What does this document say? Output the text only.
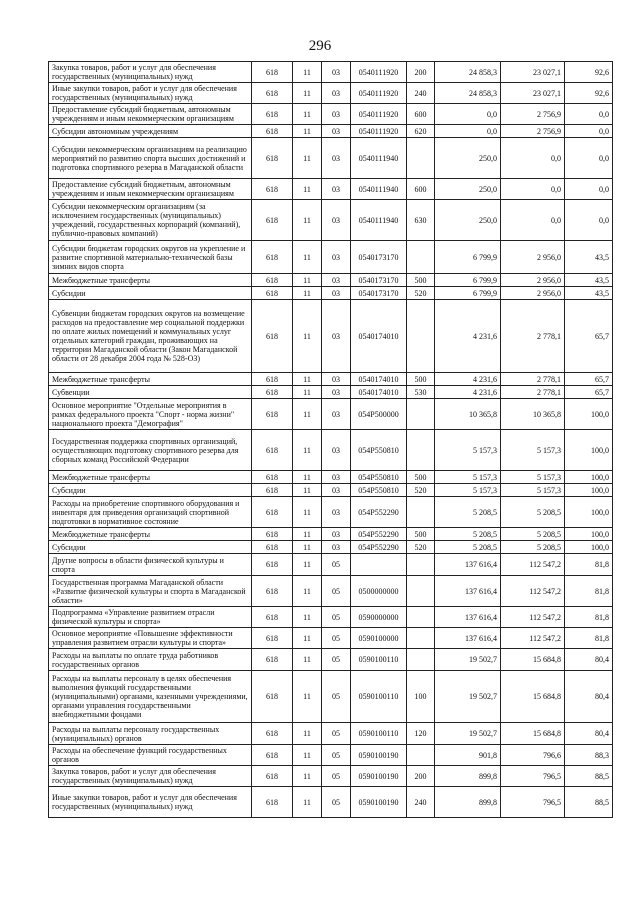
296
Закупка товаров, работ и услуг для обеспечения государственных (муниципальных) нужд	618	11	03	0540111920	200	24 858,3	23 027,1	92,6
Иные закупки товаров, работ и услуг для обеспечения государственных (муниципальных) нужд	618	11	03	0540111920	240	24 858,3	23 027,1	92,6
Предоставление субсидий бюджетным, автономным учреждениям и иным некоммерческим организациям	618	11	03	0540111920	600	0,0	2 756,9	0,0
Субсидии автономным учреждениям	618	11	03	0540111920	620	0,0	2 756,9	0,0
Субсидии некоммерческим организациям на реализацию мероприятий по развитию спорта высших достижений и подготовка спортивного резерва в Магаданской области	618	11	03	0540111940		250,0	0,0	0,0
Предоставление субсидий бюджетным, автономным учреждениям и иным некоммерческим организациям	618	11	03	0540111940	600	250,0	0,0	0,0
Субсидии некоммерческим организациям (за исключением государственных (муниципальных) учреждений, государственных корпораций (компаний), публично-правовых компаний)	618	11	03	0540111940	630	250,0	0,0	0,0
Субсидии бюджетам городских округов на укрепление и развитие спортивной материально-технической базы зимних видов спорта	618	11	03	0540173170		6 799,9	2 956,0	43,5
Межбюджетные трансферты	618	11	03	0540173170	500	6 799,9	2 956,0	43,5
Субсидии	618	11	03	0540173170	520	6 799,9	2 956,0	43,5
Субвенции бюджетам городских округов на возмещение расходов на предоставление мер социальной поддержки по оплате жилых помещений и коммунальных услуг отдельных категорий граждан, проживающих на территории Магаданской области (Закон Магаданской области от 28 декабря 2004 года № 528-ОЗ)	618	11	03	0540174010		4 231,6	2 778,1	65,7
Межбюджетные трансферты	618	11	03	0540174010	500	4 231,6	2 778,1	65,7
Субвенции	618	11	03	0540174010	530	4 231,6	2 778,1	65,7
Основное мероприятие "Отдельные мероприятия в рамках федерального проекта "Спорт - норма жизни" национального проекта "Демография"	618	11	03	054P500000		10 365,8	10 365,8	100,0
Государственная поддержка спортивных организаций, осуществляющих подготовку спортивного резерва для сборных команд Российской Федерации	618	11	03	054P550810		5 157,3	5 157,3	100,0
Межбюджетные трансферты	618	11	03	054P550810	500	5 157,3	5 157,3	100,0
Субсидии	618	11	03	054P550810	520	5 157,3	5 157,3	100,0
Расходы на приобретение спортивного оборудования и инвентаря для приведения организаций спортивной подготовки в нормативное состояние	618	11	03	054P552290		5 208,5	5 208,5	100,0
Межбюджетные трансферты	618	11	03	054P552290	500	5 208,5	5 208,5	100,0
Субсидии	618	11	03	054P552290	520	5 208,5	5 208,5	100,0
Другие вопросы в области физической культуры и спорта	618	11	05			137 616,4	112 547,2	81,8
Государственная программа Магаданской области «Развитие физической культуры и спорта в Магаданской области»	618	11	05	0500000000		137 616,4	112 547,2	81,8
Подпрограмма «Управление развитием отрасли физической культуры и спорта»	618	11	05	0590000000		137 616,4	112 547,2	81,8
Основное мероприятие «Повышение эффективности управления развитием отрасли культуры и спорта»	618	11	05	0590100000		137 616,4	112 547,2	81,8
Расходы на выплаты по оплате труда работников государственных органов	618	11	05	0590100110		19 502,7	15 684,8	80,4
Расходы на выплаты персоналу в целях обеспечения выполнения функций государственными (муниципальными) органами, казенными учреждениями, органами управления государственными внебюджетными фондами	618	11	05	0590100110	100	19 502,7	15 684,8	80,4
Расходы на выплаты персоналу государственных (муниципальных) органов	618	11	05	0590100110	120	19 502,7	15 684,8	80,4
Расходы на обеспечение функций государственных органов	618	11	05	0590100190		901,8	796,6	88,3
Закупка товаров, работ и услуг для обеспечения государственных (муниципальных) нужд	618	11	05	0590100190	200	899,8	796,5	88,5
Иные закупки товаров, работ и услуг для обеспечения государственных (муниципальных) нужд	618	11	05	0590100190	240	899,8	796,5	88,5
